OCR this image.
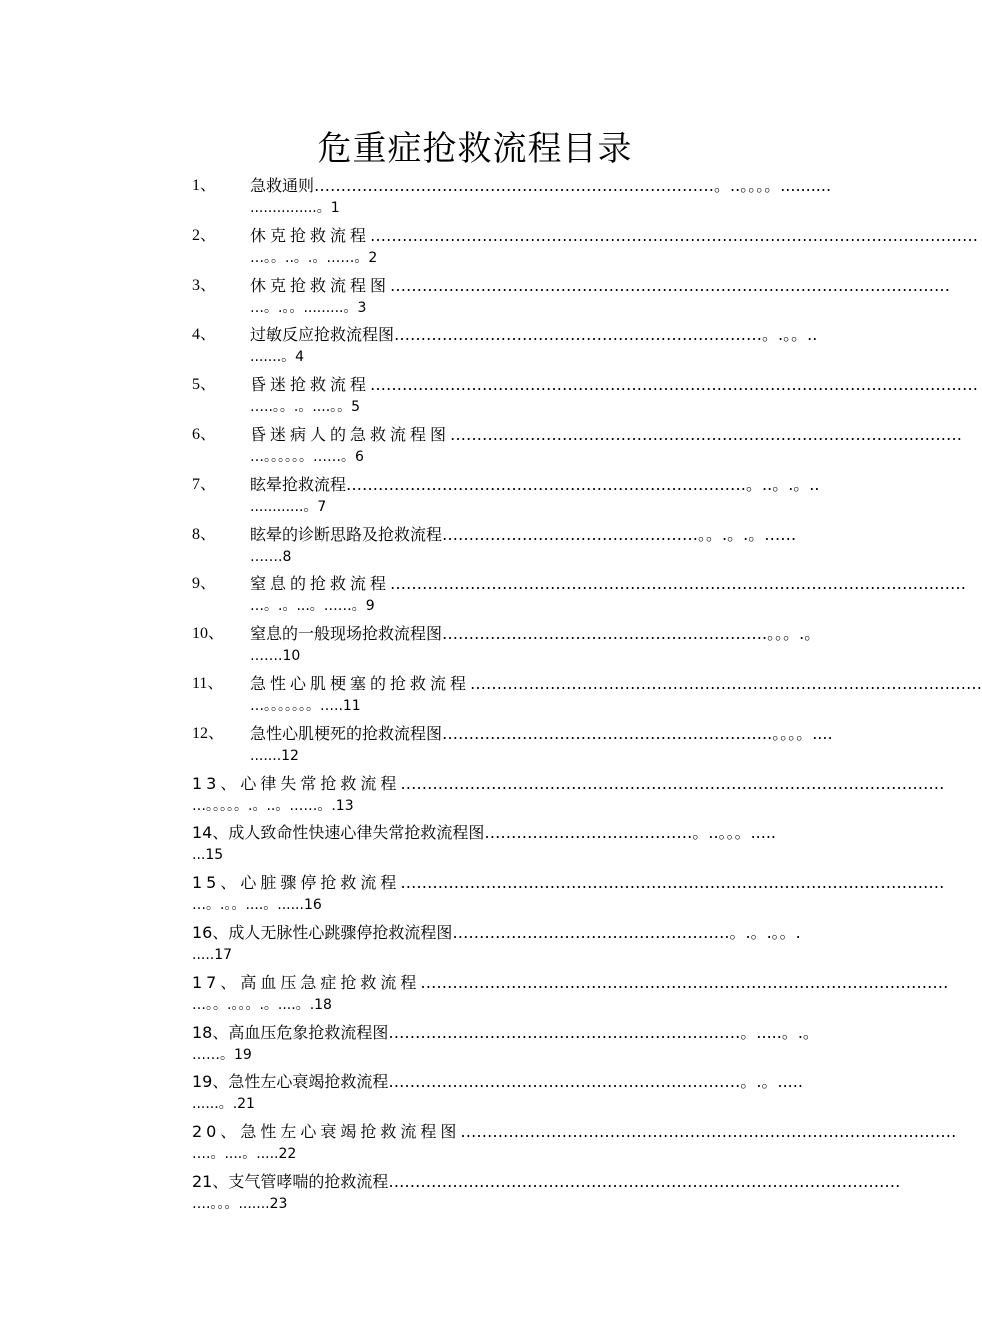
危重症抢救流程目录
1、 急救通则…………………………………………………………………。..。。。。..........
...............。1
2、 休克抢救流程……………………………………………………………………………………………………
…。。..。.。……。2
3、 休克抢救流程图……………………………………………………………………………………………
…。.。。.........。3
4、 过敏反应抢救流程图……………………………………………………………。.。。..
.......。4
5、 昏迷抢救流程……………………………………………………………………………………………………
…..。。.。....。。5
6、 昏迷病人的急救流程图……………………………………………………………………………………
…。。。。。。……。6
7、 眩晕抢救流程…………………………………………………………………。..。.。..
............。7
8、 眩晕的诊断思路及抢救流程…………………………………………。。.。.。……
…….8
9、 窒息的抢救流程………………………………………………………………………………………………
…。.。...。……。9
10、 窒息的一般现场抢救流程图…………………………………………………….。。。.。
…….10
11、 急性心肌梗塞的抢救流程……………………………………………………………………………………
…。。。。。。。…..11
12、 急性心肌梗死的抢救流程图……………………………………………………..。。。。....
.......12
13、心律失常抢救流程…………………………………………………………………………………………
…。。。。。.。..。……。.13
14、成人致命性快速心律失常抢救流程图…………………………………。..。。。.....
...15
15、心脏骤停抢救流程…………………………………………………………………………………………
…。.。。....。......16
16、成人无脉性心跳骤停抢救流程图…………………………………………….。.。.。。.
.....17
17、高血压急症抢救流程………………………………………………………………………………………
…。。.。。。.。....。.18
18、高血压危象抢救流程图…………………………………………………………。.....。.。
……。19
19、急性左心衰竭抢救流程…………………………………………………………。.。.....
......。.21
20、急性左心衰竭抢救流程图…………………………………………………………………………………
….。....。.....22
21、支气管哮喘的抢救流程……………………………………………………………………………………
….。。。.......23
